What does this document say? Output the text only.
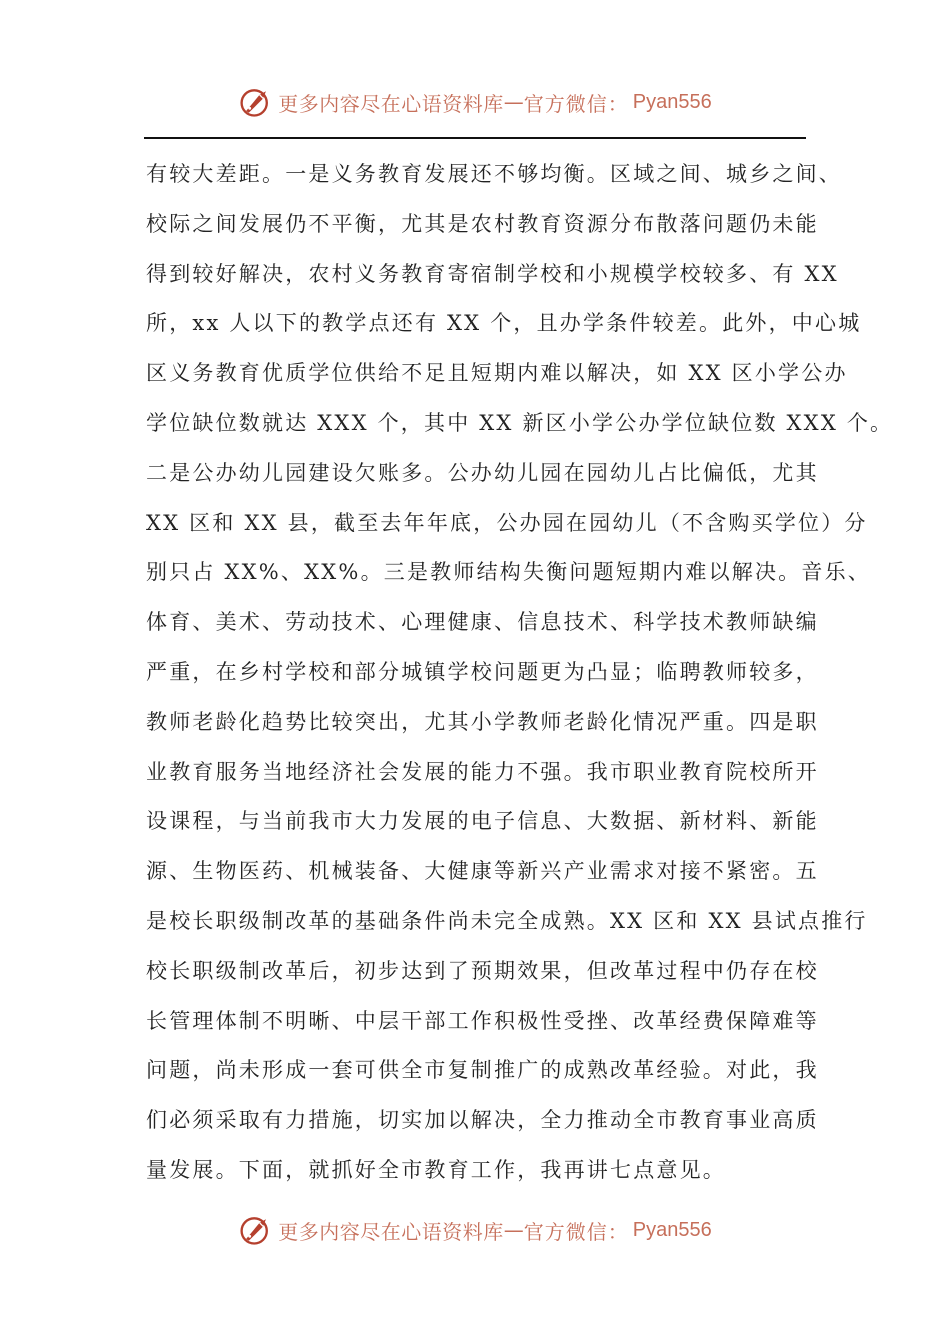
更多内容尽在心语资料库 — 官方微信： Pyan556
有较大差距。一是义务教育发展还不够均衡。区域之间、城乡之间、
校际之间发展仍不平衡，尤其是农村教育资源分布散落问题仍未能
得到较好解决，农村义务教育寄宿制学校和小规模学校较多、有 XX
所，xx 人以下的教学点还有 XX 个，且办学条件较差。此外，中心城
区义务教育优质学位供给不足且短期内难以解决，如 XX 区小学公办
学位缺位数就达 XXX 个，其中 XX 新区小学公办学位缺位数 XXX 个。
二是公办幼儿园建设欠账多。公办幼儿园在园幼儿占比偏低，尤其
XX 区和 XX 县，截至去年年底，公办园在园幼儿（不含购买学位）分
别只占 XX%、XX%。三是教师结构失衡问题短期内难以解决。音乐、
体育、美术、劳动技术、心理健康、信息技术、科学技术教师缺编
严重，在乡村学校和部分城镇学校问题更为凸显；临聘教师较多，
教师老龄化趋势比较突出，尤其小学教师老龄化情况严重。四是职
业教育服务当地经济社会发展的能力不强。我市职业教育院校所开
设课程，与当前我市大力发展的电子信息、大数据、新材料、新能
源、生物医药、机械装备、大健康等新兴产业需求对接不紧密。五
是校长职级制改革的基础条件尚未完全成熟。XX 区和 XX 县试点推行
校长职级制改革后，初步达到了预期效果，但改革过程中仍存在校
长管理体制不明晰、中层干部工作积极性受挫、改革经费保障难等
问题，尚未形成一套可供全市复制推广的成熟改革经验。对此，我
们必须采取有力措施，切实加以解决，全力推动全市教育事业高质
量发展。下面，就抓好全市教育工作，我再讲七点意见。
更多内容尽在心语资料库 — 官方微信： Pyan556
